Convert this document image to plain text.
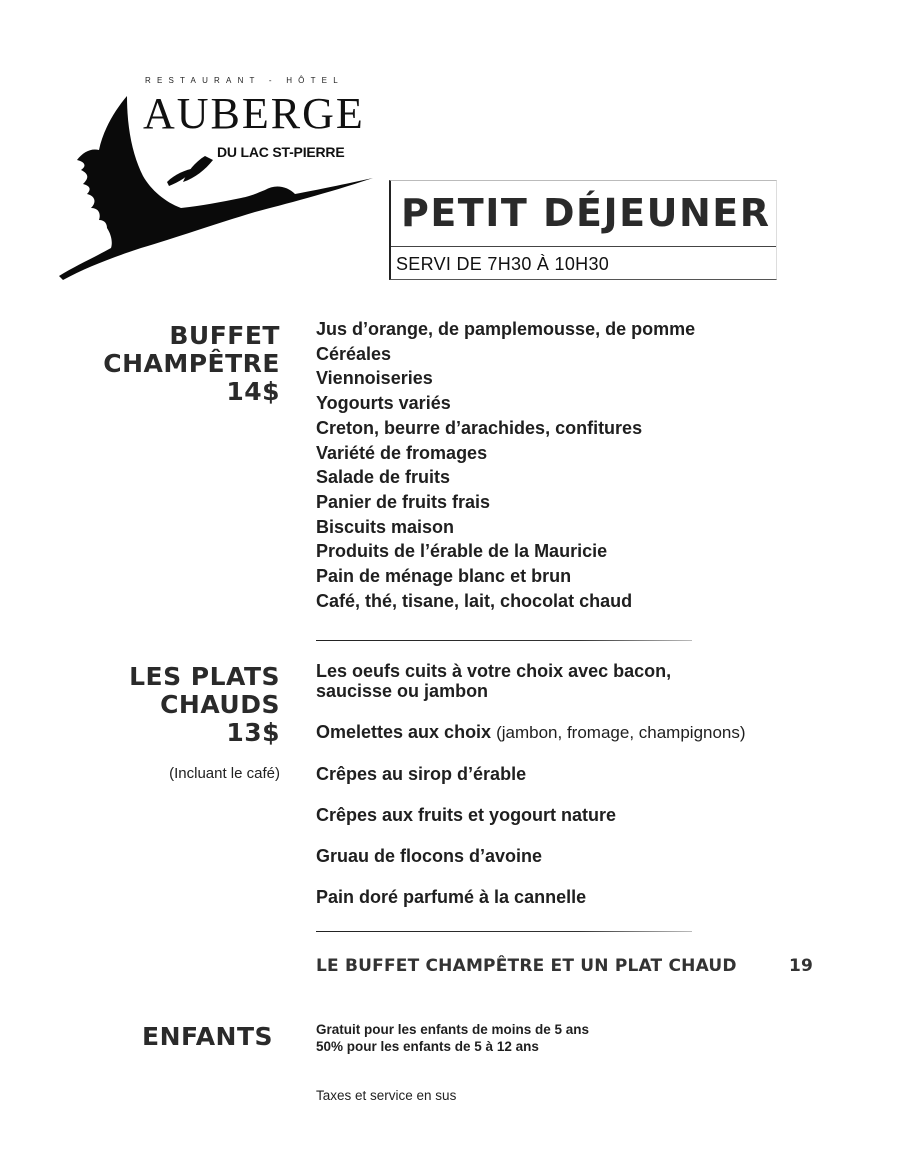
RESTAURANT - HÔTEL
AUBERGE
DU LAC ST-PIERRE
PETIT DÉJEUNER
SERVI DE 7H30 À 10H30
BUFFET
CHAMPÊTRE
14$
Jus d’orange, de pamplemousse, de pomme
Céréales
Viennoiseries
Yogourts variés
Creton, beurre d’arachides, confitures
Variété de fromages
Salade de fruits
Panier de fruits frais
Biscuits maison
Produits de l’érable de la Mauricie
Pain de ménage blanc et brun
Café, thé, tisane, lait, chocolat chaud
LES PLATS
CHAUDS
13$
(Incluant le café)
Les oeufs cuits à votre choix avec bacon,
saucisse ou jambon
Omelettes aux choix (jambon, fromage, champignons)
Crêpes au sirop d’érable
Crêpes aux fruits et yogourt nature
Gruau de flocons d’avoine
Pain doré parfumé à la cannelle
LE BUFFET CHAMPÊTRE ET UN PLAT CHAUD	19
ENFANTS	Gratuit pour les enfants de moins de 5 ans
50% pour les enfants de 5 à 12 ans
Taxes et service en sus
